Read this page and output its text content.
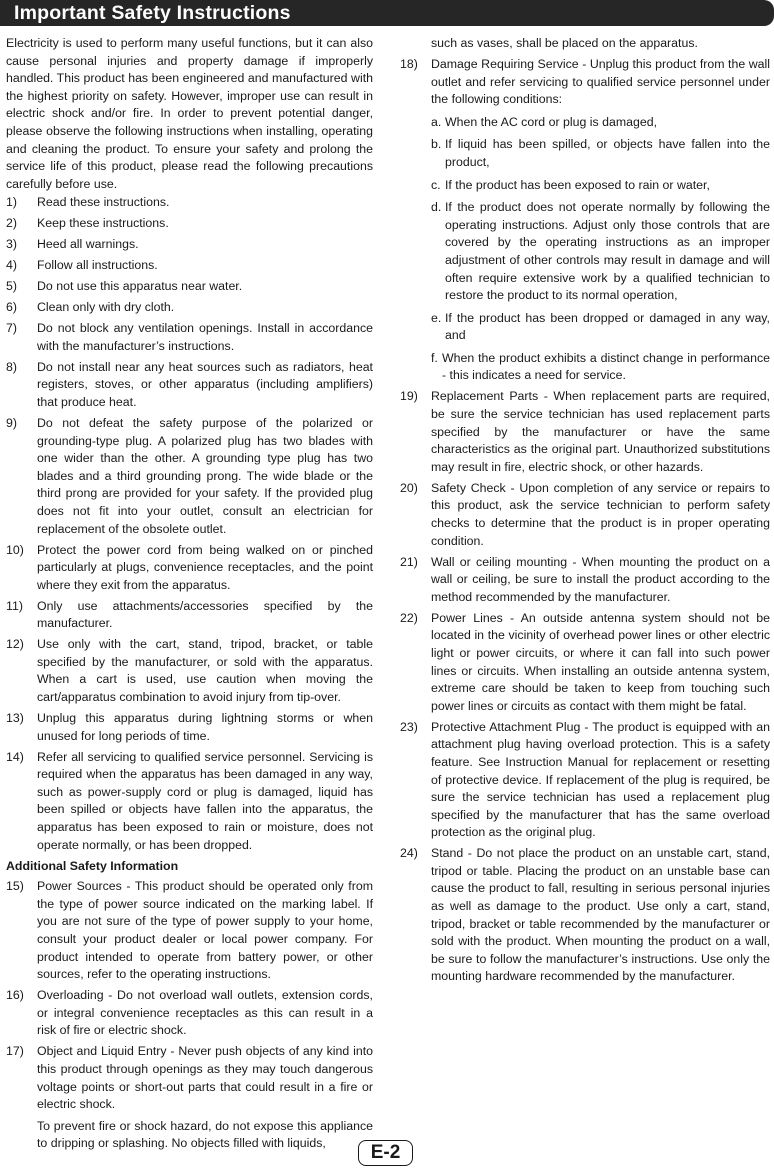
Important Safety Instructions

Electricity is used to perform many useful functions, but it can also cause personal injuries and property damage if improperly handled. This product has been engineered and manufactured with the highest priority on safety. However, improper use can result in electric shock and/or fire. In order to prevent potential danger, please observe the following instructions when installing, operating and cleaning the product. To ensure your safety and prolong the service life of this product, please read the following precautions carefully before use.

1)	Read these instructions.
2)	Keep these instructions.
3)	Heed all warnings.
4)	Follow all instructions.
5)	Do not use this apparatus near water.
6)	Clean only with dry cloth.
7)	Do not block any ventilation openings. Install in accordance with the manufacturer’s instructions.
8)	Do not install near any heat sources such as radiators, heat registers, stoves, or other apparatus (including amplifiers) that produce heat.
9)	Do not defeat the safety purpose of the polarized or grounding-type plug. A polarized plug has two blades with one wider than the other. A grounding type plug has two blades and a third grounding prong. The wide blade or the third prong are provided for your safety. If the provided plug does not fit into your outlet, consult an electrician for replacement of the obsolete outlet.
10)	Protect the power cord from being walked on or pinched particularly at plugs, convenience receptacles, and the point where they exit from the apparatus.
11)	Only use attachments/accessories specified by the manufacturer.
12)	Use only with the cart, stand, tripod, bracket, or table specified by the manufacturer, or sold with the apparatus. When a cart is used, use caution when moving the cart/apparatus combination to avoid injury from tip-over.
13)	Unplug this apparatus during lightning storms or when unused for long periods of time.
14)	Refer all servicing to qualified service personnel. Servicing is required when the apparatus has been damaged in any way, such as power-supply cord or plug is damaged, liquid has been spilled or objects have fallen into the apparatus, the apparatus has been exposed to rain or moisture, does not operate normally, or has been dropped.
Additional Safety Information
15)	Power Sources - This product should be operated only from the type of power source indicated on the marking label. If you are not sure of the type of power supply to your home, consult your product dealer or local power company. For product intended to operate from battery power, or other sources, refer to the operating instructions.
16)	Overloading - Do not overload wall outlets, extension cords, or integral convenience receptacles as this can result in a risk of fire or electric shock.
17)	Object and Liquid Entry - Never push objects of any kind into this product through openings as they may touch dangerous voltage points or short-out parts that could result in a fire or electric shock.

To prevent fire or shock hazard, do not expose this appliance to dripping or splashing. No objects filled with liquids,

such as vases, shall be placed on the apparatus.
18)	Damage Requiring Service - Unplug this product from the wall outlet and refer servicing to qualified service personnel under the following conditions:
a. When the AC cord or plug is damaged,
b. If liquid has been spilled, or objects have fallen into the product,
c. If the product has been exposed to rain or water,
d. If the product does not operate normally by following the operating instructions. Adjust only those controls that are covered by the operating instructions as an improper adjustment of other controls may result in damage and will often require extensive work by a qualified technician to restore the product to its normal operation,
e. If the product has been dropped or damaged in any way, and
f. When the product exhibits a distinct change in performance - this indicates a need for service.
19)	Replacement Parts - When replacement parts are required, be sure the service technician has used replacement parts specified by the manufacturer or have the same characteristics as the original part. Unauthorized substitutions may result in fire, electric shock, or other hazards.
20)	Safety Check - Upon completion of any service or repairs to this product, ask the service technician to perform safety checks to determine that the product is in proper operating condition.
21)	Wall or ceiling mounting - When mounting the product on a wall or ceiling, be sure to install the product according to the method recommended by the manufacturer.
22)	Power Lines - An outside antenna system should not be located in the vicinity of overhead power lines or other electric light or power circuits, or where it can fall into such power lines or circuits. When installing an outside antenna system, extreme care should be taken to keep from touching such power lines or circuits as contact with them might be fatal.
23)	Protective Attachment Plug - The product is equipped with an attachment plug having overload protection. This is a safety feature. See Instruction Manual for replacement or resetting of protective device. If replacement of the plug is required, be sure the service technician has used a replacement plug specified by the manufacturer that has the same overload protection as the original plug.
24)	Stand - Do not place the product on an unstable cart, stand, tripod or table. Placing the product on an unstable base can cause the product to fall, resulting in serious personal injuries as well as damage to the product. Use only a cart, stand, tripod, bracket or table recommended by the manufacturer or sold with the product. When mounting the product on a wall, be sure to follow the manufacturer’s instructions. Use only the mounting hardware recommended by the manufacturer.
E-2
